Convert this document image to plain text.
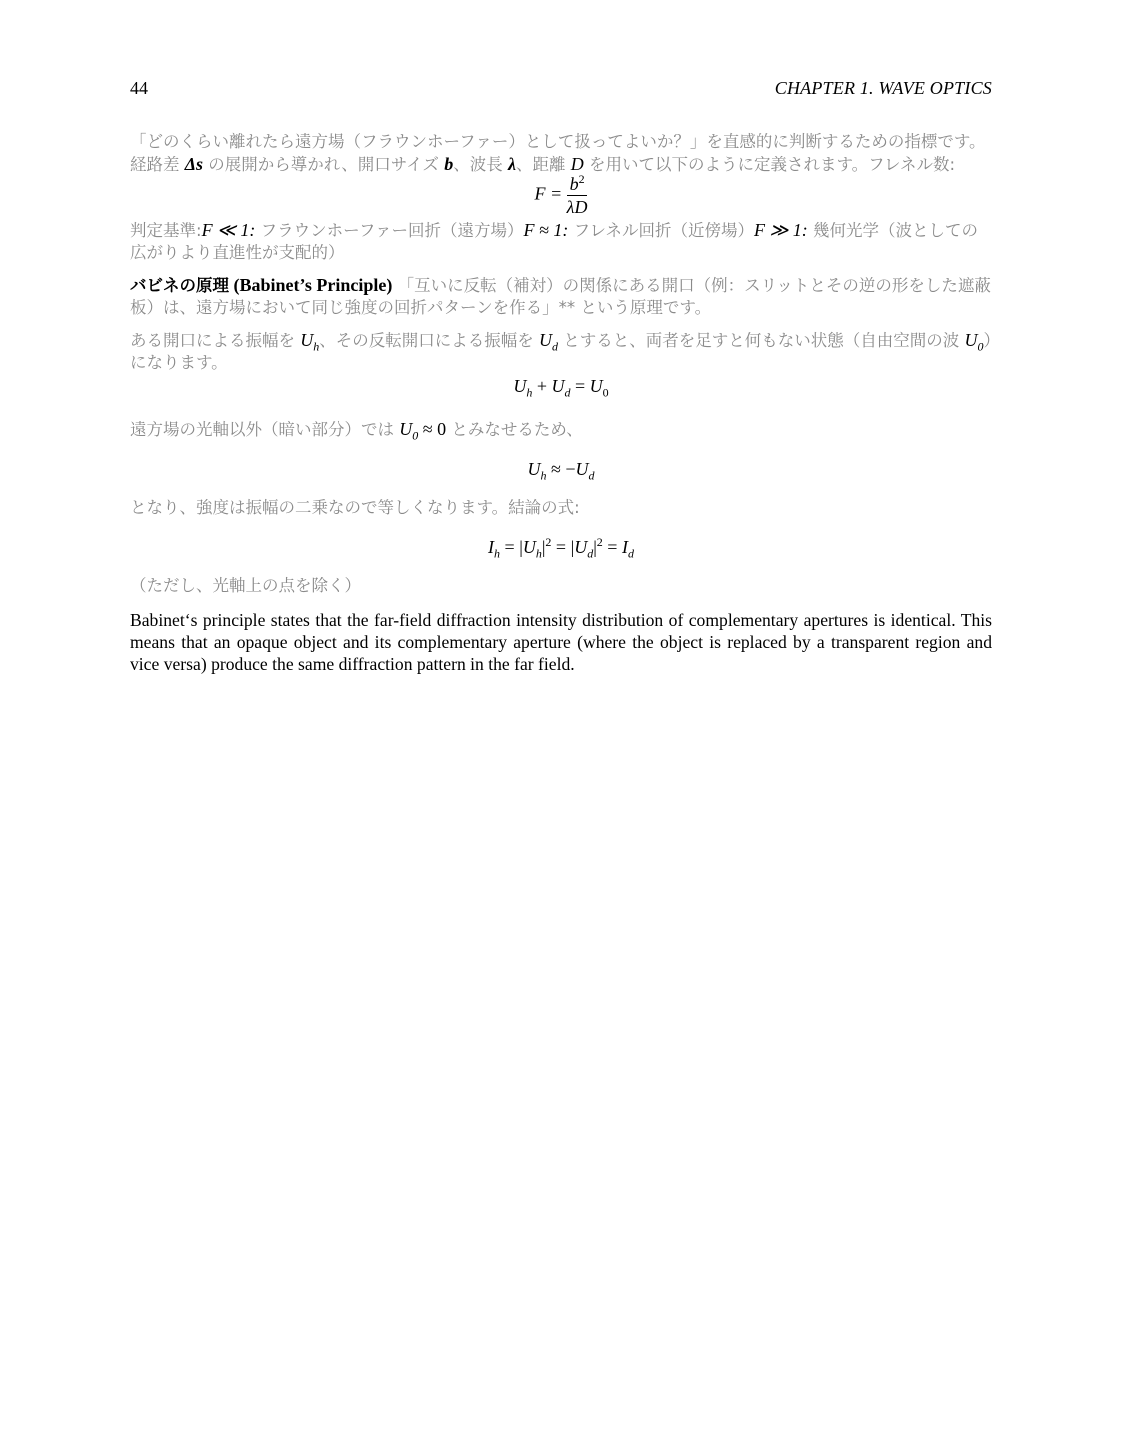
44	CHAPTER 1. WAVE OPTICS

「どのくらい離れたら遠方場（フラウンホーファー）として扱ってよいか？」を直感的に判断するための指標です。経路差 Δs の展開から導かれ、開口サイズ b、波長 λ、距離 D を用いて以下のように定義されます。フレネル数:

$F = \frac{b^2}{\lambda D}$

判定基準:F ≪ 1: フラウンホーファー回折（遠方場）F ≈ 1: フレネル回折（近傍場）F ≫ 1: 幾何光学（波としての広がりより直進性が支配的）

バビネの原理 (Babinet’s Principle) 「互いに反転（補対）の関係にある開口（例：スリットとその逆の形をした遮蔽板）は、遠方場において同じ強度の回折パターンを作る」** という原理です。

ある開口による振幅を $U_h$、その反転開口による振幅を $U_d$ とすると、両者を足すと何もない状態（自由空間の波 $U_0$）になります。

$U_h + U_d = U_0$

遠方場の光軸以外（暗い部分）では $U_0 \approx 0$ とみなせるため、

$U_h \approx -U_d$

となり、強度は振幅の二乗なので等しくなります。結論の式:

$I_h = |U_h|^2 = |U_d|^2 = I_d$

（ただし、光軸上の点を除く）

Babinet‘s principle states that the far-field diffraction intensity distribution of complementary apertures is identical. This means that an opaque object and its complementary aperture (where the object is replaced by a transparent region and vice versa) produce the same diffraction pattern in the far field.
